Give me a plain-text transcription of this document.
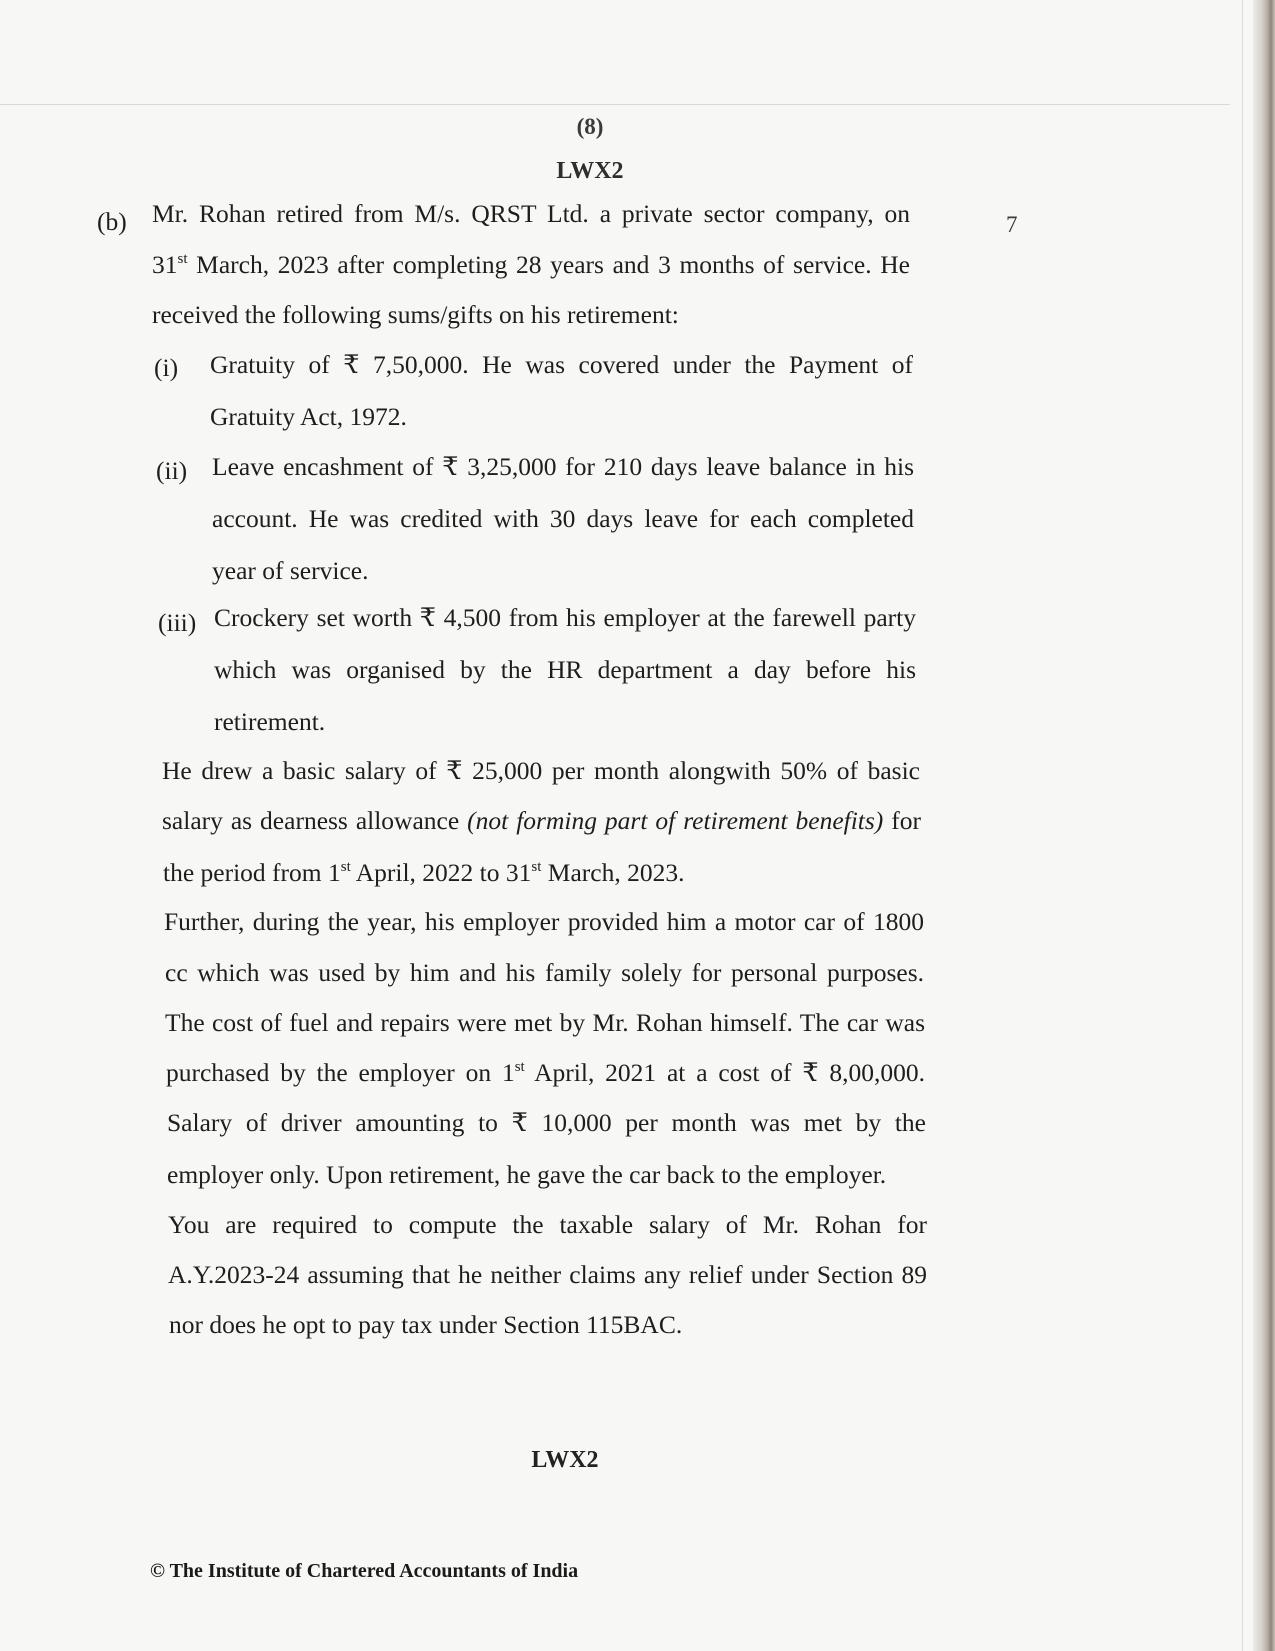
(8)
LWX2
(b)	7
Mr. Rohan retired from M/s. QRST Ltd. a private sector company, on
31st March, 2023 after completing 28 years and 3 months of service. He
received the following sums/gifts on his retirement:
(i) Gratuity of ₹ 7,50,000. He was covered under the Payment of
Gratuity Act, 1972.
(ii) Leave encashment of ₹ 3,25,000 for 210 days leave balance in his
account. He was credited with 30 days leave for each completed
year of service.
(iii) Crockery set worth ₹ 4,500 from his employer at the farewell party
which was organised by the HR department a day before his
retirement.
He drew a basic salary of ₹ 25,000 per month alongwith 50% of basic
salary as dearness allowance (not forming part of retirement benefits) for
the period from 1st April, 2022 to 31st March, 2023.
Further, during the year, his employer provided him a motor car of 1800
cc which was used by him and his family solely for personal purposes.
The cost of fuel and repairs were met by Mr. Rohan himself. The car was
purchased by the employer on 1st April, 2021 at a cost of ₹ 8,00,000.
Salary of driver amounting to ₹ 10,000 per month was met by the
employer only. Upon retirement, he gave the car back to the employer.
You are required to compute the taxable salary of Mr. Rohan for
A.Y.2023-24 assuming that he neither claims any relief under Section 89
nor does he opt to pay tax under Section 115BAC.
LWX2
© The Institute of Chartered Accountants of India
